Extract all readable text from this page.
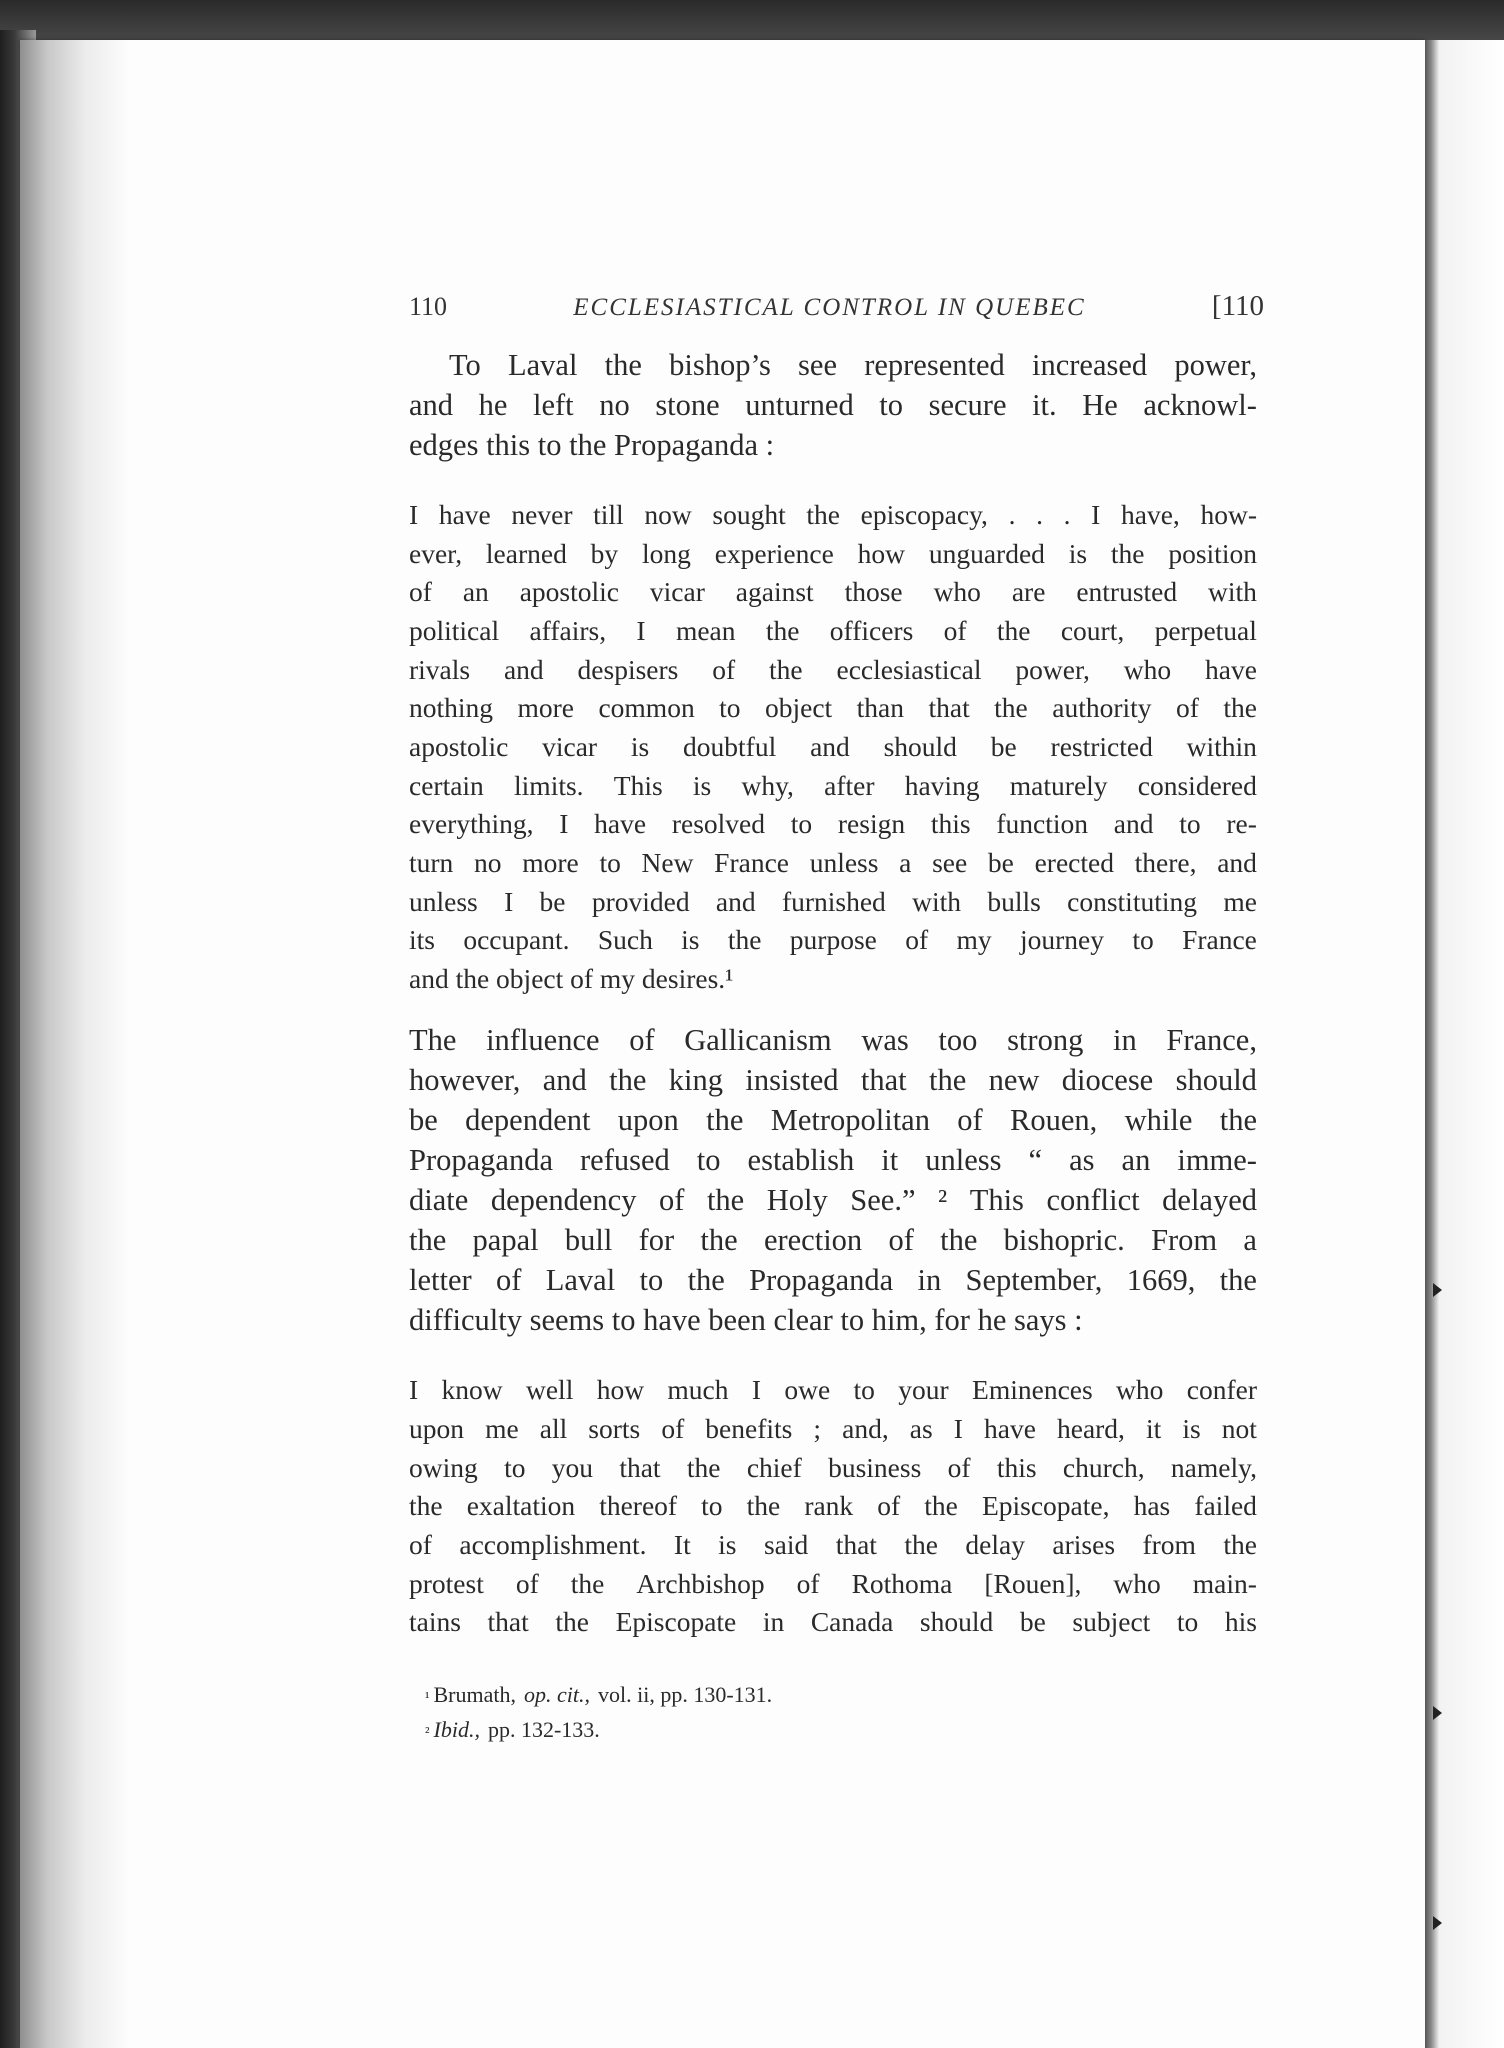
110	ECCLESIASTICAL CONTROL IN QUEBEC	[110
To Laval the bishop’s see represented increased power,
and he left no stone unturned to secure it. He acknowl-
edges this to the Propaganda :
I have never till now sought the episcopacy, . . . I have, how-
ever, learned by long experience how unguarded is the position
of an apostolic vicar against those who are entrusted with
political affairs, I mean the officers of the court, perpetual
rivals and despisers of the ecclesiastical power, who have
nothing more common to object than that the authority of the
apostolic vicar is doubtful and should be restricted within
certain limits. This is why, after having maturely considered
everything, I have resolved to resign this function and to re-
turn no more to New France unless a see be erected there, and
unless I be provided and furnished with bulls constituting me
its occupant. Such is the purpose of my journey to France
and the object of my desires.¹
The influence of Gallicanism was too strong in France,
however, and the king insisted that the new diocese should
be dependent upon the Metropolitan of Rouen, while the
Propaganda refused to establish it unless “ as an imme-
diate dependency of the Holy See.” ² This conflict delayed
the papal bull for the erection of the bishopric. From a
letter of Laval to the Propaganda in September, 1669, the
difficulty seems to have been clear to him, for he says :
I know well how much I owe to your Eminences who confer
upon me all sorts of benefits ; and, as I have heard, it is not
owing to you that the chief business of this church, namely,
the exaltation thereof to the rank of the Episcopate, has failed
of accomplishment. It is said that the delay arises from the
protest of the Archbishop of Rothoma [Rouen], who main-
tains that the Episcopate in Canada should be subject to his
¹ Brumath, op. cit., vol. ii, pp. 130-131.
² Ibid., pp. 132-133.
